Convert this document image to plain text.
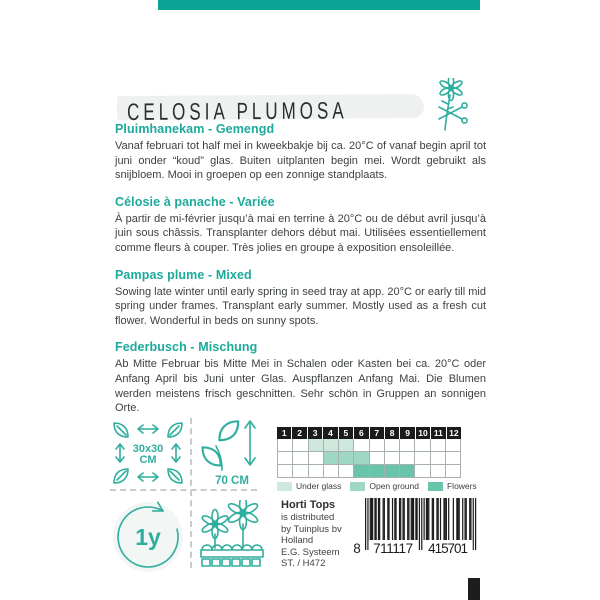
CELOSIA PLUMOSA
Pluimhanekam - Gemengd

Vanaf februari tot half mei in kweekbakje bij ca. 20°C of vanaf begin april tot juni onder “koud” glas. Buiten uitplanten begin mei. Wordt gebruikt als snijbloem. Mooi in groepen op een zonnige standplaats.

Célosie à panache - Variée

À partir de mi-février jusqu’à mai en terrine à 20°C ou de début avril jusqu’à juin sous châssis. Transplanter dehors début mai. Utilisées essentiellement comme fleurs à couper. Très jolies en groupe à exposition ensoleillée.

Pampas plume - Mixed

Sowing late winter until early spring in seed tray at app. 20°C or early till mid spring under frames. Transplant early summer. Mostly used as a fresh cut flower. Wonderful in beds on sunny spots.

Federbusch - Mischung

Ab Mitte Februar bis Mitte Mei in Schalen oder Kasten bei ca. 20°C oder Anfang April bis Juni unter Glas. Auspflanzen Anfang Mai. Die Blumen werden meistens frisch geschnitten. Sehr schön in Gruppen an sonnigen Orte.

30x30
CM
70 CM
1y
1	2	3	4	5	6	7	8	9 10 11 12
Under glass	Open ground	Flowers
Horti Tops
is distributed
by Tuinplus bv
Holland
E.G. Systeem
ST. / H472
8 711117 415701
